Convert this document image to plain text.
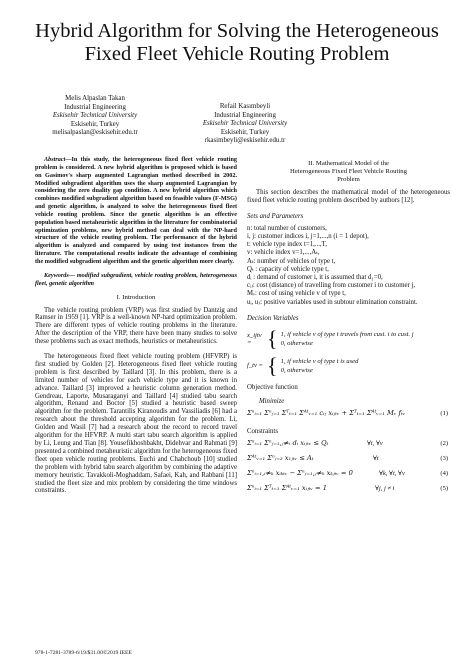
Hybrid Algorithm for Solving the Heterogeneous
Fixed Fleet Vehicle Routing Problem
Melis Alpaslan Takan
Industrial Engineering
Eskisehir Technical University
Eskisehir, Turkey
melisalpaslan@eskisehir.edu.tr
Refail Kasımbeyli
Industrial Engineering
Eskisehir Technical University
Eskisehir, Turkey
rkasimbeyli@eskisehir.edu.tr

Abstract—In this study, the heterogeneous fixed fleet vehicle routing problem is considered. A new hybrid algorithm is proposed which is based on Gasimov's sharp augmented Lagrangian method described in 2002. Modified subgradient algorithm uses the sharp augmented Lagrangian by considering the zero duality gap condition. A new hybrid algorithm which combines modified subgradient algorithm based on feasible values (F-MSG) and genetic algorithm, is analyzed to solve the heterogeneous fixed fleet vehicle routing problem. Since the genetic algorithm is an effective population based metaheuristic algorithm in the literature for combinatorial optimization problems, new hybrid method can deal with the NP-hard structure of the vehicle routing problem. The performance of the hybrid algorithm is analyzed and compared by using test instances from the literature. The computational results indicate the advantage of combining the modified subgradient algorithm and the genetic algorithm more clearly.

Keywords— modified subgradient, vehicle routing problem, heterogeneous fleet, genetic algorithm

I. Introduction

The vehicle routing problem (VRP) was first studied by Dantzig and Ramser in 1959 [1]. VRP is a well-known NP-hard optimization problem. There are different types of vehicle routing problems in the literature. After the description of the VRP, there have been many studies to solve these problems such as exact methods, heuristics or metaheuristics.

The heterogeneous fixed fleet vehicle routing problem (HFVRP) is first studied by Golden [2]. Heterogeneous fixed fleet vehicle routing problem is first described by Taillard [3]. In this problem, there is a limited number of vehicles for each vehicle type and it is known in advance. Taillard [3] improved a heuristic column generation method. Gendreau, Laporte, Musaraganyi and Taillard [4] studied tabu search algorithm, Renaud and Boctor [5] studied a heuristic based sweep algorithm for the problem. Tarantilis Kiranoudis and Vassiliadis [6] had a research about the threshold accepting algorithm for the problem. Li, Golden and Wasil [7] had a research about the record to record travel algorithm for the HFVRP. A multi start tabu search algorithm is applied by Li, Leung and Tian [8]. Yousefikhoshbakht, Didehvar and Rahmati [9] presented a combined metaheuristic algorithm for the heterogeneous fixed fleet open vehicle routing problems. Euchi and Chabchoub [10] studied the problem with hybrid tabu search algorithm by combining the adaptive memory heuristic. Tavakkoli-Moghaddam, Safaei, Kah, and Rabbani [11] studied the fleet size and mix problem by considering the time windows constraints.

II. Mathematical Model of the
Heterogeneous Fixed Fleet Vehicle Routing
Problem

This section describes the mathematical model of the heterogeneous fixed fleet vehicle routing problem described by authors [12].

Sets and Parameters
n: total number of customers,
i, j: customer indices i, j=1,...,n (i = 1 depot),
t: vehicle type index t=1,...,T,
v: vehicle index v=1,...,Aₜ,
Aₜ: number of vehicles of type t,
Qₜ : capacity of vehicle type t,
dᵢ : demand of customer i, it is assumed that d₁=0,
cᵢⱼ: cost (distance) of travelling from customer i to customer j,
Mᵥ: cost of using vehicle v of type t,
uᵢ, uⱼ: positive variables used in subtour elimination constraint.
Decision Variables
x_ijtv = { 1, if vehicle v of type t travels from cust. i to cust. j
0, otherwise
f_tv = { 1, if vehicle v of type t is used
0, otherwise
Objective function
Minimize
Σⁿᵢ₌₁ Σⁿⱼ₌₁ Σᵀₜ₌₁ Σᴬᵗᵥ₌₁ cᵢⱼ xᵢⱼₜᵥ + Σᵀₜ₌₁ Σᴬᵗᵥ₌₁ Mᵥ fₜᵥ	(1)
Constraints
Σⁿᵢ₌₁ Σⁿⱼ₌₁,ⱼ≠ᵢ dᵢ xᵢⱼₜᵥ ≤ Qₜ	∀t, ∀v	(2)
Σᴬᵗᵥ₌₁ Σⁿⱼ₌₂ x₁ⱼₜᵥ ≤ Aₜ	∀t	(3)
Σⁿᵢ₌₁,ᵢ≠ₖ xᵢₖₜᵥ − Σⁿⱼ₌₁,ⱼ≠ₖ xₖⱼₜᵥ = 0	∀k, ∀t, ∀v	(4)
Σⁿᵢ₌₁ Σᵀₜ₌₁ Σᴬᵗᵥ₌₁ xᵢⱼₜᵥ = 1	∀j, j ≠ i	(5)
978-1-7281-3789-6/19/$31.00©2019 IEEE
